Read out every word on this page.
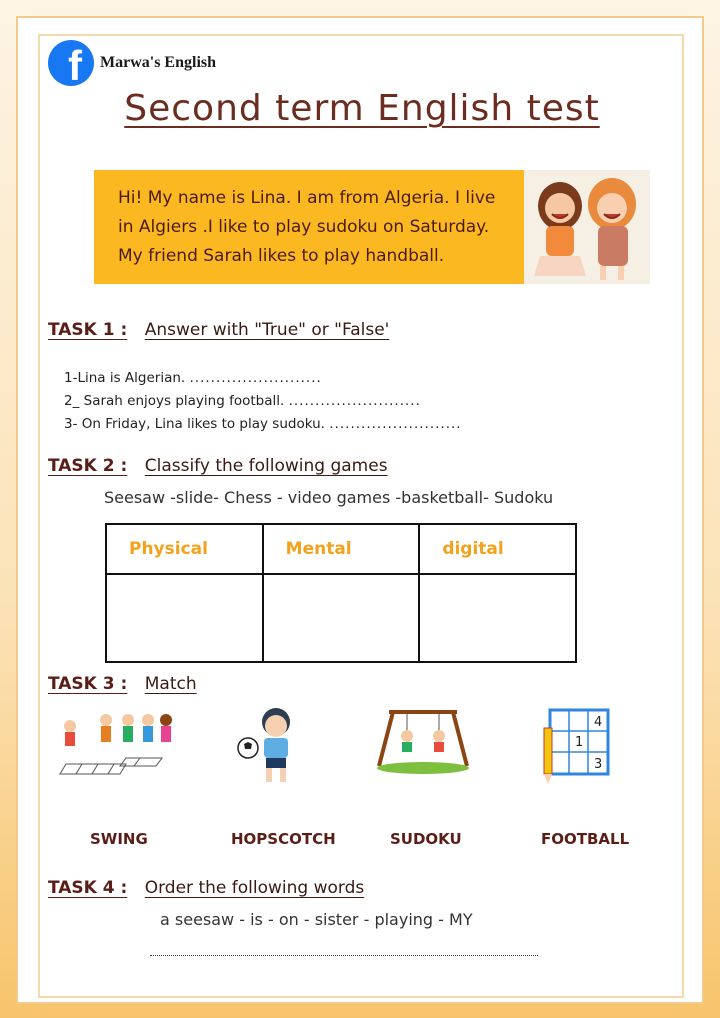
f Marwa's English
Second term English test
Hi! My name is Lina. I am from Algeria. I live in Algiers .I like to play sudoku on Saturday. My friend Sarah likes to play handball.
TASK 1 : Answer with "True" or "False'
1-Lina is Algerian. .........................
2_ Sarah enjoys playing football. .........................
3- On Friday, Lina likes to play sudoku. .........................
TASK 2 : Classify the following games
Seesaw -slide- Chess - video games -basketball- Sudoku
Physical	Mental	digital

TASK 3 : Match
4
1
3
SWING	HOPSCOTCH	SUDOKU	FOOTBALL
TASK 4 : Order the following words
a seesaw - is - on - sister - playing - MY
